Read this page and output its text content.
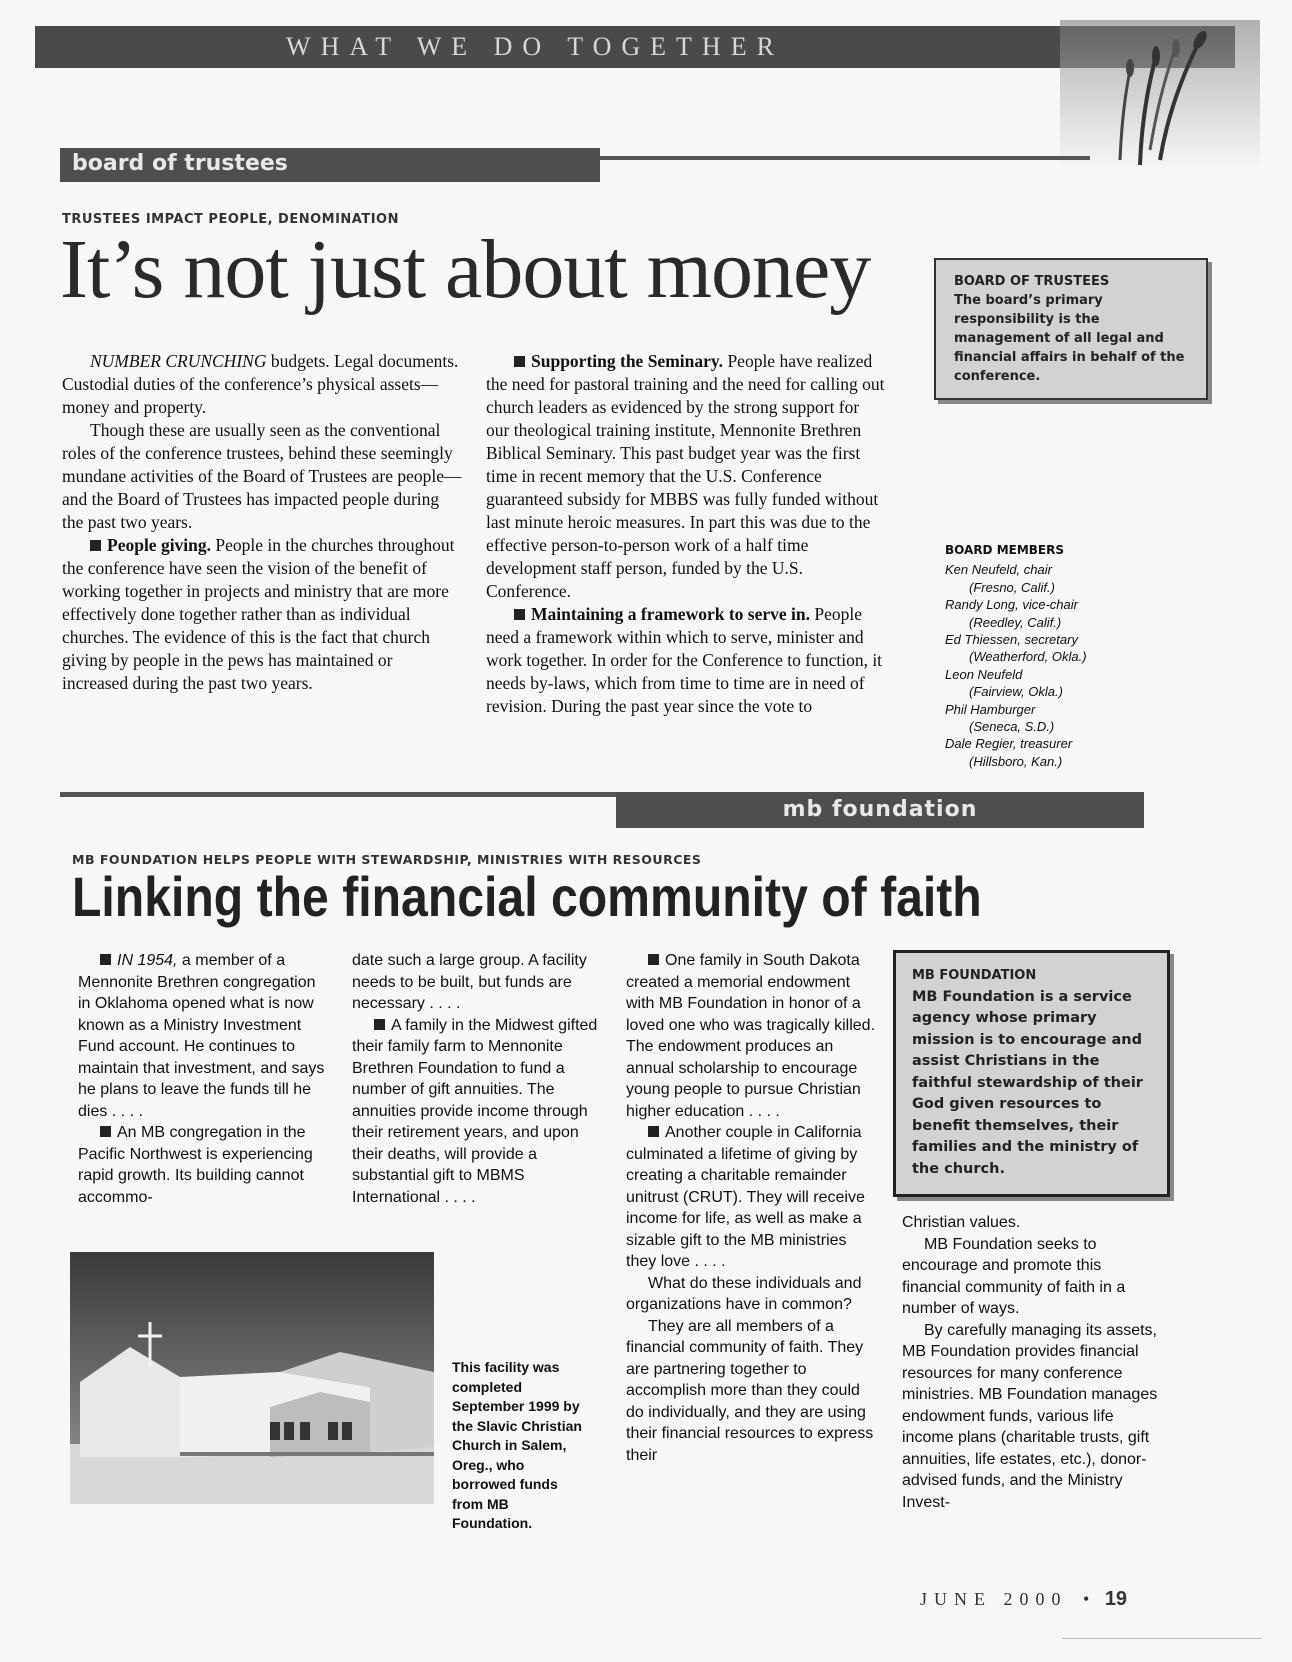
WHAT WE DO TOGETHER
board of trustees
TRUSTEES IMPACT PEOPLE, DENOMINATION
It’s not just about money

NUMBER CRUNCHING budgets. Legal documents. Custodial duties of the conference’s physical assets—money and property.

Though these are usually seen as the conventional roles of the conference trustees, behind these seemingly mundane activities of the Board of Trustees are people—and the Board of Trustees has impacted people during the past two years.

People giving. People in the churches throughout the conference have seen the vision of the benefit of working together in projects and ministry that are more effectively done together rather than as individual churches. The evidence of this is the fact that church giving by people in the pews has maintained or increased during the past two years.

Supporting the Seminary. People have realized the need for pastoral training and the need for calling out church leaders as evidenced by the strong support for our theological training institute, Mennonite Brethren Biblical Seminary. This past budget year was the first time in recent memory that the U.S. Conference guaranteed subsidy for MBBS was fully funded without last minute heroic measures. In part this was due to the effective person-to-person work of a half time development staff person, funded by the U.S. Conference.

Maintaining a framework to serve in. People need a framework within which to serve, minister and work together. In order for the Conference to function, it needs by-laws, which from time to time are in need of revision. During the past year since the vote to

BOARD OF TRUSTEES
The board’s primary responsibility is the management of all legal and financial affairs in behalf of the conference.
BOARD MEMBERS
Ken Neufeld, chair
(Fresno, Calif.)
Randy Long, vice-chair
(Reedley, Calif.)
Ed Thiessen, secretary
(Weatherford, Okla.)
Leon Neufeld
(Fairview, Okla.)
Phil Hamburger
(Seneca, S.D.)
Dale Regier, treasurer
(Hillsboro, Kan.)
mb foundation
MB FOUNDATION HELPS PEOPLE WITH STEWARDSHIP, MINISTRIES WITH RESOURCES
Linking the financial community of faith

IN 1954, a member of a Mennonite Brethren congregation in Oklahoma opened what is now known as a Ministry Investment Fund account. He continues to maintain that investment, and says he plans to leave the funds till he dies . . . .

An MB congregation in the Pacific Northwest is experiencing rapid growth. Its building cannot accommo-

date such a large group. A facility needs to be built, but funds are necessary . . . .

A family in the Midwest gifted their family farm to Mennonite Brethren Foundation to fund a number of gift annuities. The annuities provide income through their retirement years, and upon their deaths, will provide a substantial gift to MBMS International . . . .

One family in South Dakota created a memorial endowment with MB Foundation in honor of a loved one who was tragically killed. The endowment produces an annual scholarship to encourage young people to pursue Christian higher education . . . .

Another couple in California culminated a lifetime of giving by creating a charitable remainder unitrust (CRUT). They will receive income for life, as well as make a sizable gift to the MB ministries they love . . . .

What do these individuals and organizations have in common?

They are all members of a financial community of faith. They are partnering together to accomplish more than they could do individually, and they are using their financial resources to express their

MB FOUNDATION
MB Foundation is a service agency whose primary mission is to encourage and assist Christians in the faithful stewardship of their God given resources to benefit themselves, their families and the ministry of the church.

Christian values.

MB Foundation seeks to encourage and promote this financial community of faith in a number of ways.

By carefully managing its assets, MB Foundation provides financial resources for many conference ministries. MB Foundation manages endowment funds, various life income plans (charitable trusts, gift annuities, life estates, etc.), donor-advised funds, and the Ministry Invest-

This facility was completed September 1999 by the Slavic Christian Church in Salem, Oreg., who borrowed funds from MB Foundation.
JUNE 2000 • 19
